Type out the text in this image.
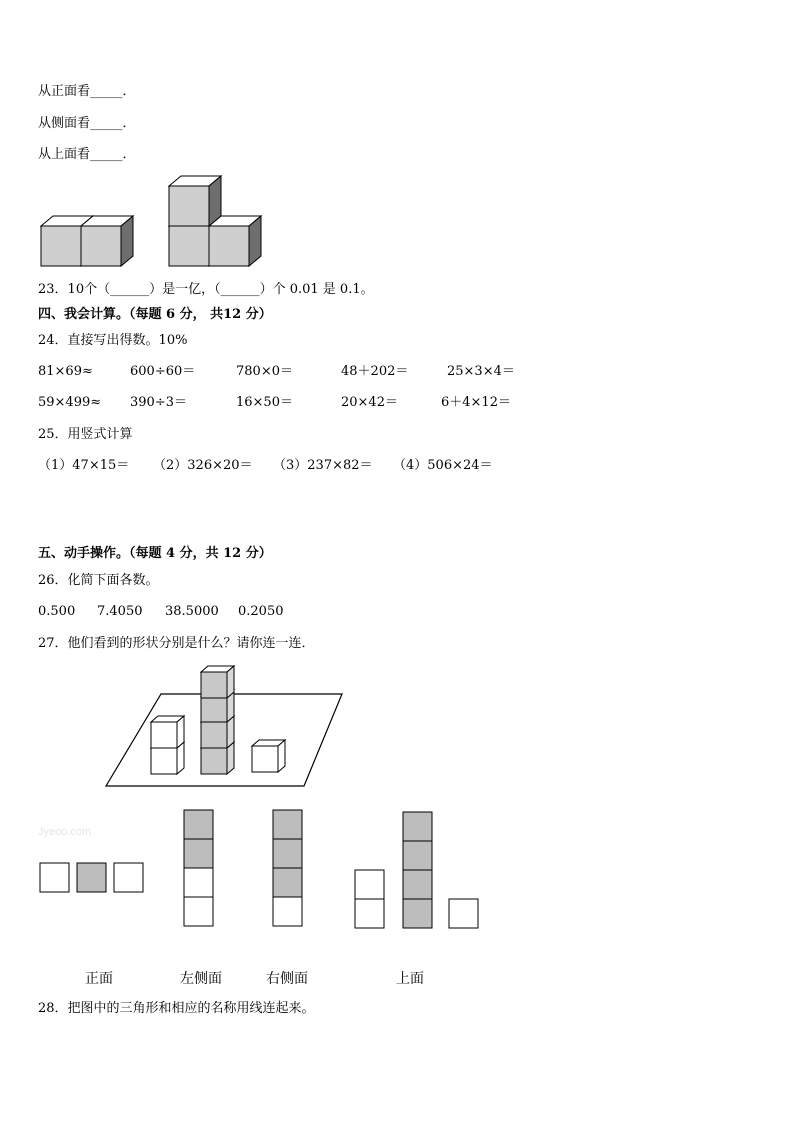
从正面看_____．
从侧面看_____．
从上面看_____．
23．10个（______）是一亿，（______）个 0.01 是 0.1。
四、我会计算。（每题 6 分， 共12 分）
24．直接写出得数。10%
81×69≈	600÷60＝	780×0＝	48＋202＝	25×3×4＝
59×499≈ 390÷3＝	16×50＝	20×42＝	6＋4×12＝
25．用竖式计算
（1）47×15＝ （2）326×20＝ （3）237×82＝ （4）506×24＝
五、动手操作。（每题 4 分，共 12 分）
26．化简下面各数。
0.500 7.4050 38.5000 0.2050
27．他们看到的形状分别是什么？请你连一连．
Jyeoo.com
正面	左侧面	右侧面	上面
28．把图中的三角形和相应的名称用线连起来。
